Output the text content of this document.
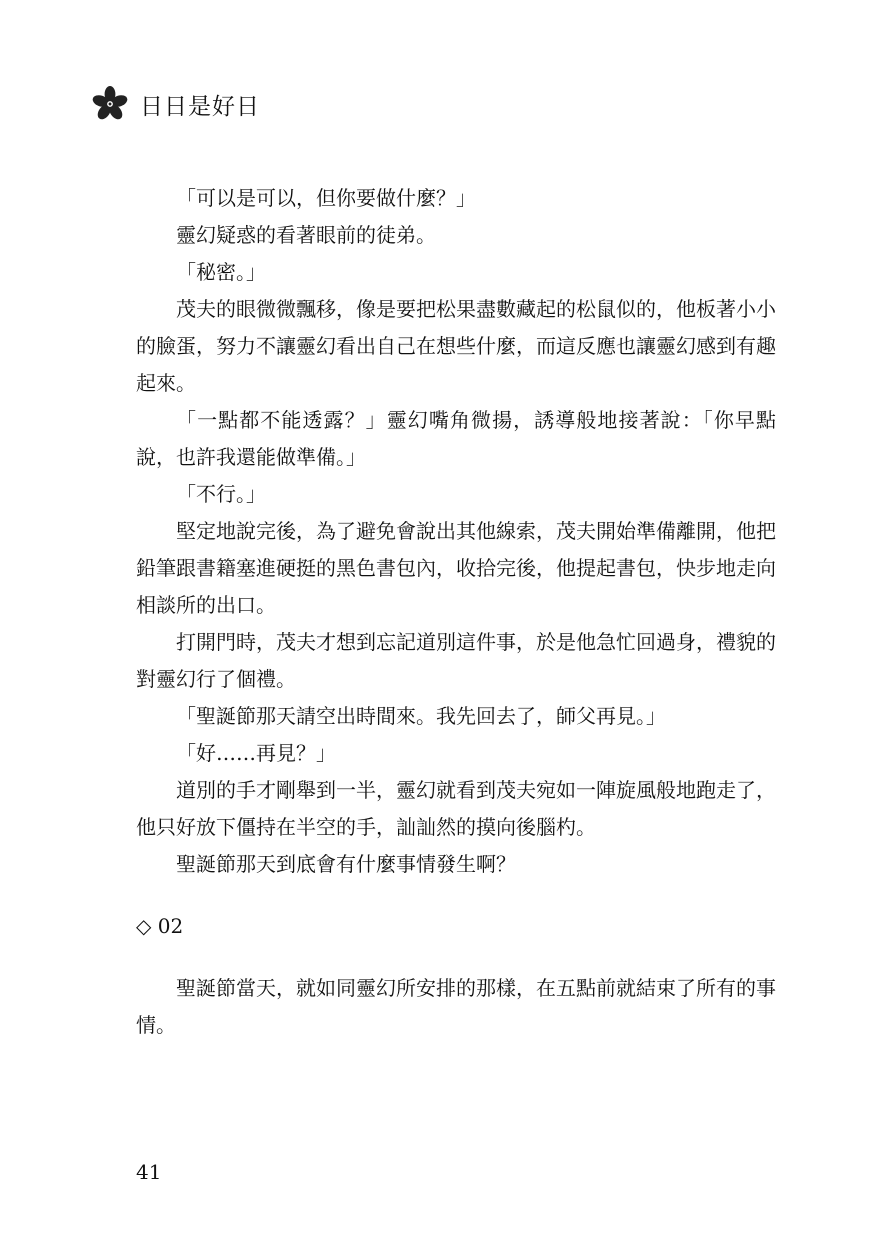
日日是好日

「可以是可以，但你要做什麼？」

靈幻疑惑的看著眼前的徒弟。

「秘密。」

茂夫的眼微微飄移，像是要把松果盡數藏起的松鼠似的，他板著小小的臉蛋，努力不讓靈幻看出自己在想些什麼，而這反應也讓靈幻感到有趣起來。

「一點都不能透露？」靈幻嘴角微揚，誘導般地接著說：「你早點說，也許我還能做準備。」

「不行。」

堅定地說完後，為了避免會說出其他線索，茂夫開始準備離開，他把鉛筆跟書籍塞進硬挺的黑色書包內，收拾完後，他提起書包，快步地走向相談所的出口。

打開門時，茂夫才想到忘記道別這件事，於是他急忙回過身，禮貌的對靈幻行了個禮。

「聖誕節那天請空出時間來。我先回去了，師父再見。」

「好……再見？」

道別的手才剛舉到一半，靈幻就看到茂夫宛如一陣旋風般地跑走了，他只好放下僵持在半空的手，訕訕然的摸向後腦杓。

聖誕節那天到底會有什麼事情發生啊？

◇ 02

聖誕節當天，就如同靈幻所安排的那樣，在五點前就結束了所有的事情。

41
